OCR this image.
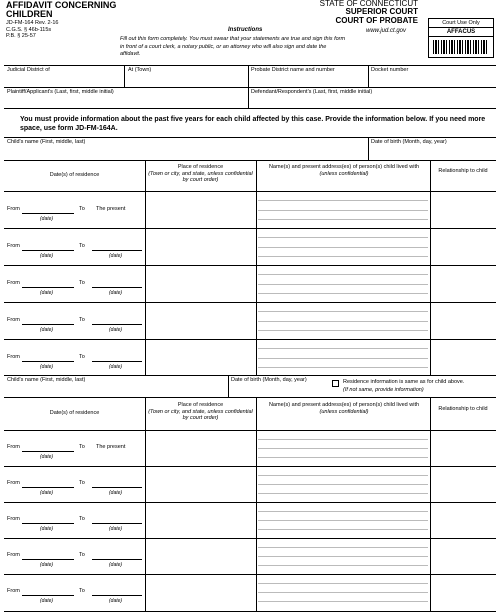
AFFIDAVIT CONCERNING CHILDREN
JD-FM-164 Rev. 2-16
C.G.S. § 46b-115s
P.B. § 25-57
STATE OF CONNECTICUT
SUPERIOR COURT
COURT OF PROBATE
Instructions	www.jud.ct.gov
Fill out this form completely. You must swear that your statements are true and sign this form in front of a court clerk, a notary public, or an attorney who will also sign and date the affidavit.
Court Use Only
AFFACUS
Judicial District of	At (Town)	Probate District name and number	Docket number
Plaintiff/Applicant's (Last, first, middle initial)	Defendant/Respondent's (Last, first, middle initial)
You must provide information about the past five years for each child affected by this case. Provide the information below. If you need more space, use form JD-FM-164A.
Child's name (First, middle, last)	Date of birth (Month, day, year)
Date(s) of residence
Place of residence
(Town or city, and state, unless confidential by court order)
Name(s) and present address(es) of person(s) child lived with
(unless confidential)	Relationship to child
From
(date)
To The present
From
(date)
To
(date)
From
(date)
To
(date)
From
(date)
To
(date)
From
(date)
To
(date)
Child's name (First, middle, last)	Date of birth (Month, day, year)	Residence information is same as for child above.
(If not same, provide information)
Date(s) of residence
Place of residence
(Town or city, and state, unless confidential by court order)
Name(s) and present address(es) of person(s) child lived with
(unless confidential)	Relationship to child
From
(date)
To The present
From
(date)
To
(date)
From
(date)
To
(date)
From
(date)
To
(date)
From
(date)
To
(date)
